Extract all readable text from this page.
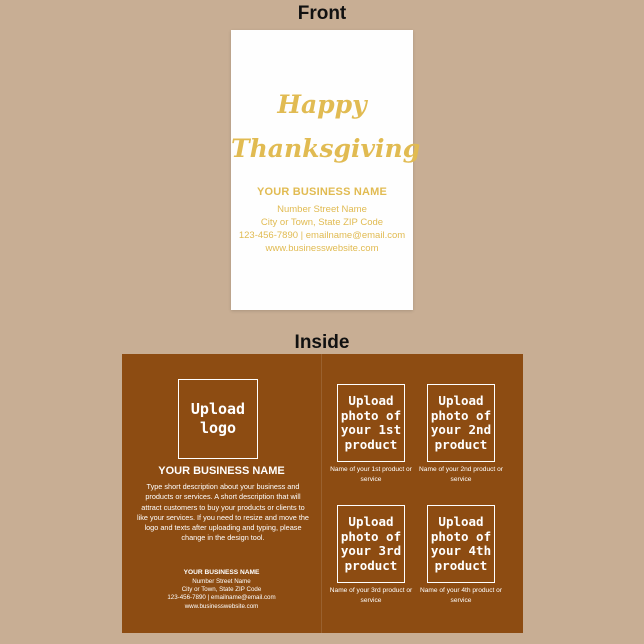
Front
Happy
Thanksgiving
YOUR BUSINESS NAME
Number Street Name
City or Town, State ZIP Code
123-456-7890 | emailname@email.com
www.businesswebsite.com
Inside
Upload logo
YOUR BUSINESS NAME
Type short description about your business and products or services. A short description that will attract customers to buy your products or clients to like your services. If you need to resize and move the logo and texts after uploading and typing, please change in the design tool.
YOUR BUSINESS NAME
Number Street Name
City or Town, State ZIP Code
123-456-7890 | emailname@email.com
www.businesswebsite.com
Upload photo of your 1st product
Name of your 1st product or service
Upload photo of your 2nd product
Name of your 2nd product or service
Upload photo of your 3rd product
Name of your 3rd product or service
Upload photo of your 4th product
Name of your 4th product or service
